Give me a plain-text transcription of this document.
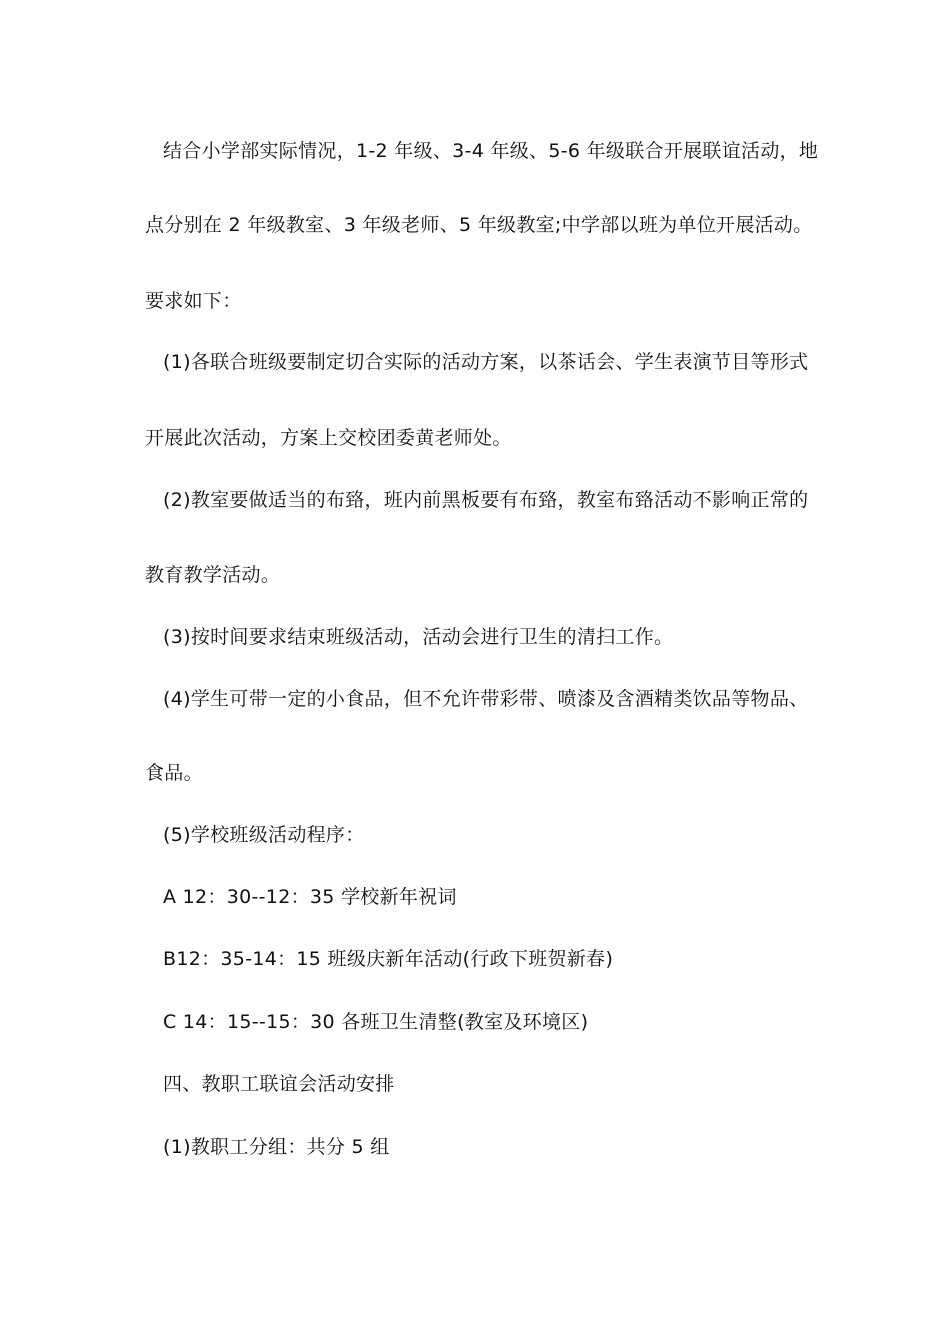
结合小学部实际情况，1-2 年级、3-4 年级、5-6 年级联合开展联谊活动，地
点分别在 2 年级教室、3 年级老师、5 年级教室;中学部以班为单位开展活动。
要求如下：
(1)各联合班级要制定切合实际的活动方案，以茶话会、学生表演节目等形式
开展此次活动，方案上交校团委黄老师处。
(2)教室要做适当的布臵，班内前黑板要有布臵，教室布臵活动不影响正常的
教育教学活动。
(3)按时间要求结束班级活动，活动会进行卫生的清扫工作。
(4)学生可带一定的小食品，但不允许带彩带、喷漆及含酒精类饮品等物品、
食品。
(5)学校班级活动程序：
A 12：30--12：35 学校新年祝词
B12：35-14：15 班级庆新年活动(行政下班贺新春)
C 14：15--15：30 各班卫生清整(教室及环境区)
四、教职工联谊会活动安排
(1)教职工分组：共分 5 组
